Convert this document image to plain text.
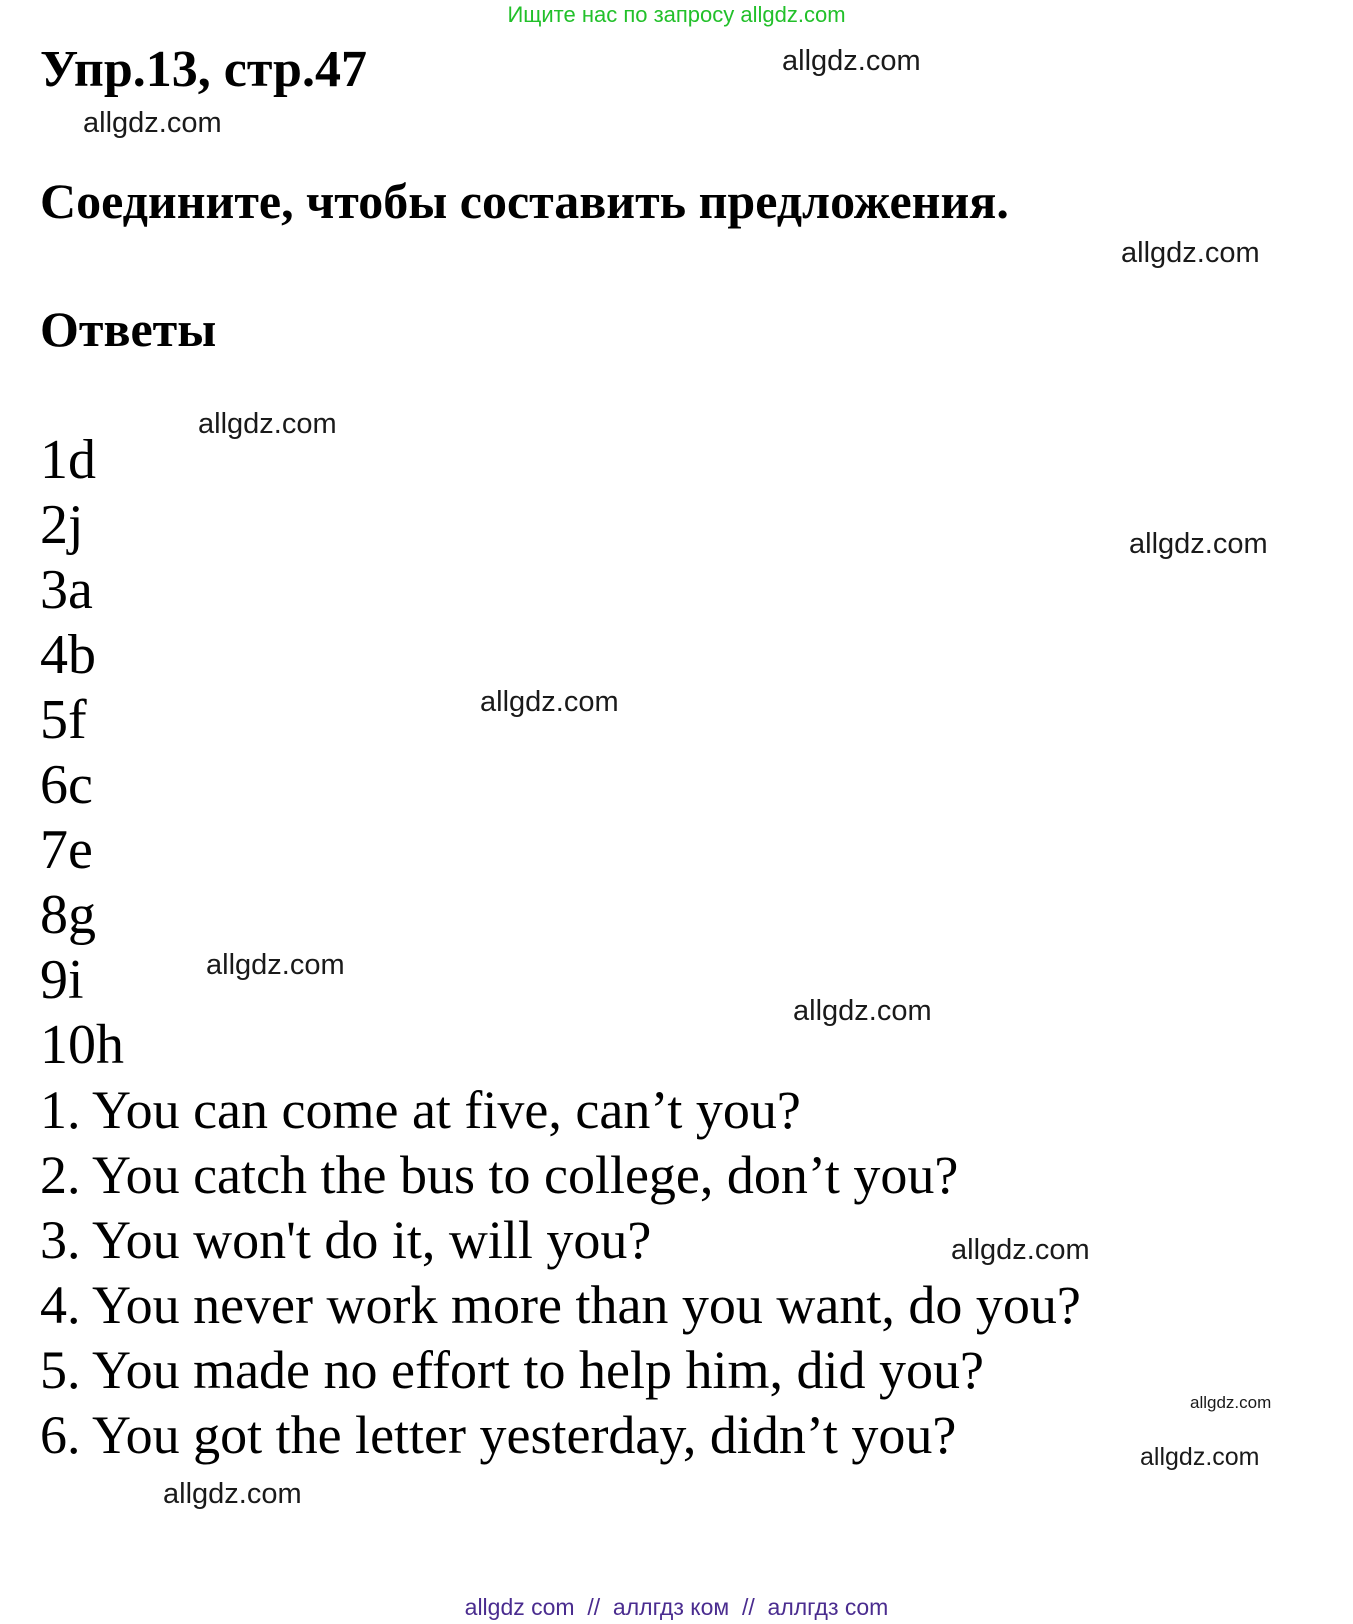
Ищите нас по запросу allgdz.com
Упр.13, стр.47
Соедините, чтобы составить предложения.
Ответы
1d
2j
3a
4b
5f
6c
7e
8g
9i
10h
1. You can come at five, can’t you?
2. You catch the bus to college, don’t you?
3. You won't do it, will you?
4. You never work more than you want, do you?
5. You made no effort to help him, did you?
6. You got the letter yesterday, didn’t you?
allgdz.com
allgdz.com
allgdz.com
allgdz.com
allgdz.com
allgdz.com
allgdz.com
allgdz.com
allgdz.com
allgdz.com
allgdz.com
allgdz.com
allgdz com  //  аллгдз ком  //  аллгдз com
